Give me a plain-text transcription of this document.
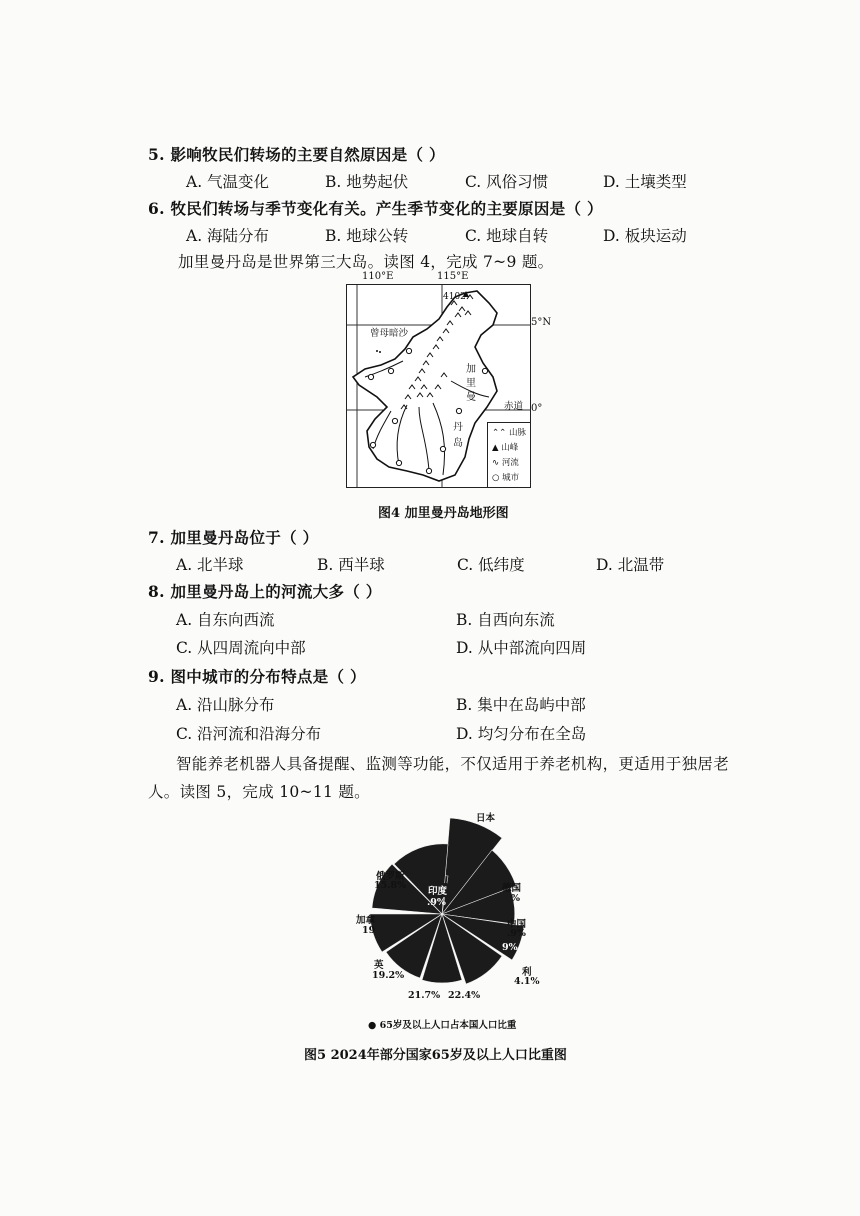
5. 影响牧民们转场的主要自然原因是（ ）
A. 气温变化	B. 地势起伏	C. 风俗习惯	D. 土壤类型
6. 牧民们转场与季节变化有关。产生季节变化的主要原因是（ ）
A. 海陆分布	B. 地球公转	C. 地球自转	D. 板块运动
加里曼丹岛是世界第三大岛。读图 4，完成 7~9 题。
110°E	115°E
5°N
0°
4102
曾母暗沙
加
里
曼
丹
岛
赤道
⌃⌃ 山脉
▲ 山峰
∿ 河流
○ 城市
图4 加里曼丹岛地形图
7. 加里曼丹岛位于（ ）
A. 北半球	B. 西半球	C. 低纬度	D. 北温带
8. 加里曼丹岛上的河流大多（ ）
A. 自东向西流	B. 自西向东流
C. 从四周流向中部	D. 从中部流向四周
9. 图中城市的分布特点是（ ）
A. 沿山脉分布	B. 集中在岛屿中部
C. 沿河流和沿海分布	D. 均匀分布在全岛
智能养老机器人具备提醒、监测等功能，不仅适用于养老机构，更适用于独居老
人。读图 5，完成 10~11 题。
日本
俄罗斯
15.8%
印度	德国
%
加拿
19
中国
.9%
英
19.2%	利
4.1%
21.7% 22.4%
.9%
9%
● 65岁及以上人口占本国人口比重
图5 2024年部分国家65岁及以上人口比重图
